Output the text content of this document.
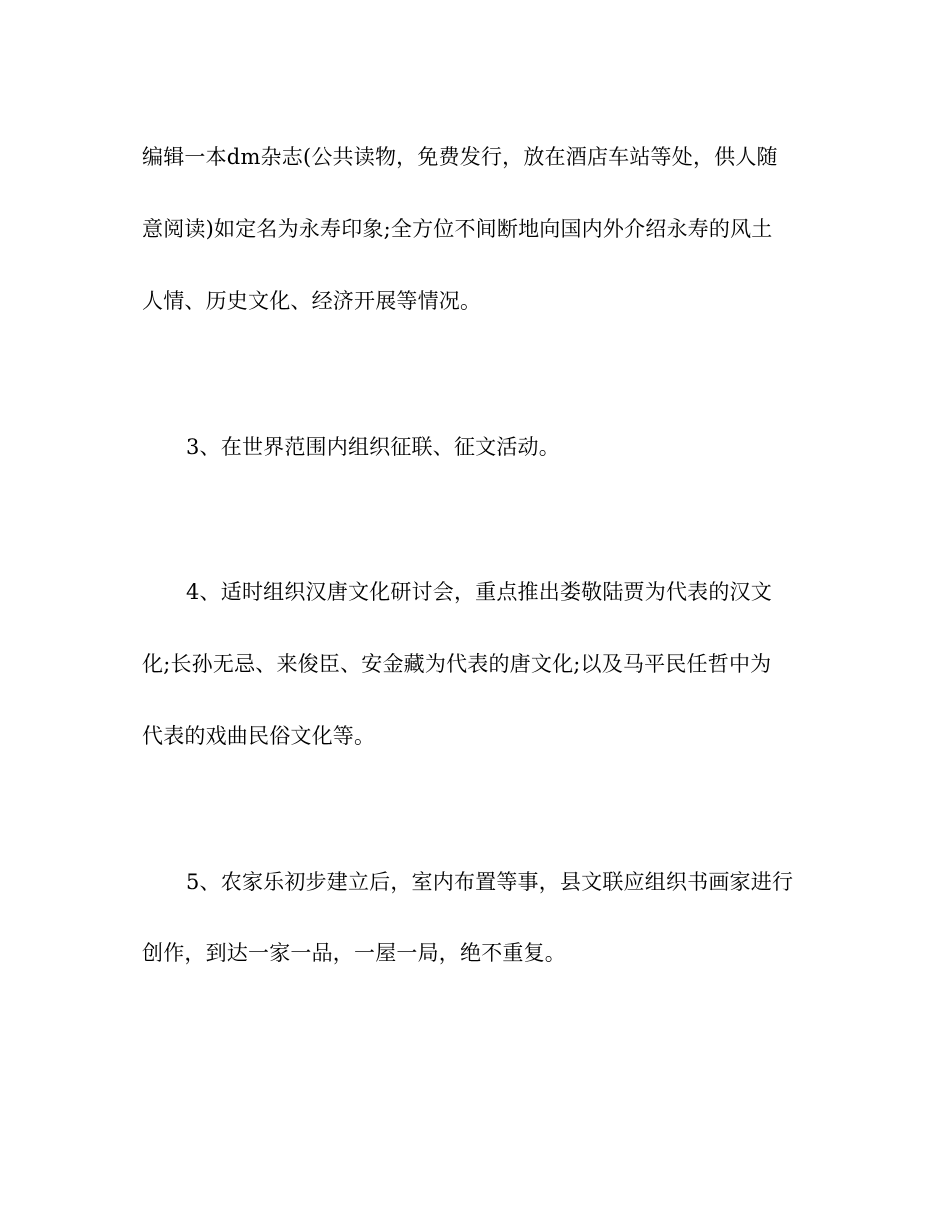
编辑一本dm杂志(公共读物，免费发行，放在酒店车站等处，供人随

意阅读)如定名为永寿印象;全方位不间断地向国内外介绍永寿的风土

人情、历史文化、经济开展等情况。

3、在世界范围内组织征联、征文活动。

4、适时组织汉唐文化研讨会，重点推出娄敬陆贾为代表的汉文

化;长孙无忌、来俊臣、安金藏为代表的唐文化;以及马平民任哲中为

代表的戏曲民俗文化等。

5、农家乐初步建立后，室内布置等事，县文联应组织书画家进行

创作，到达一家一品，一屋一局，绝不重复。
